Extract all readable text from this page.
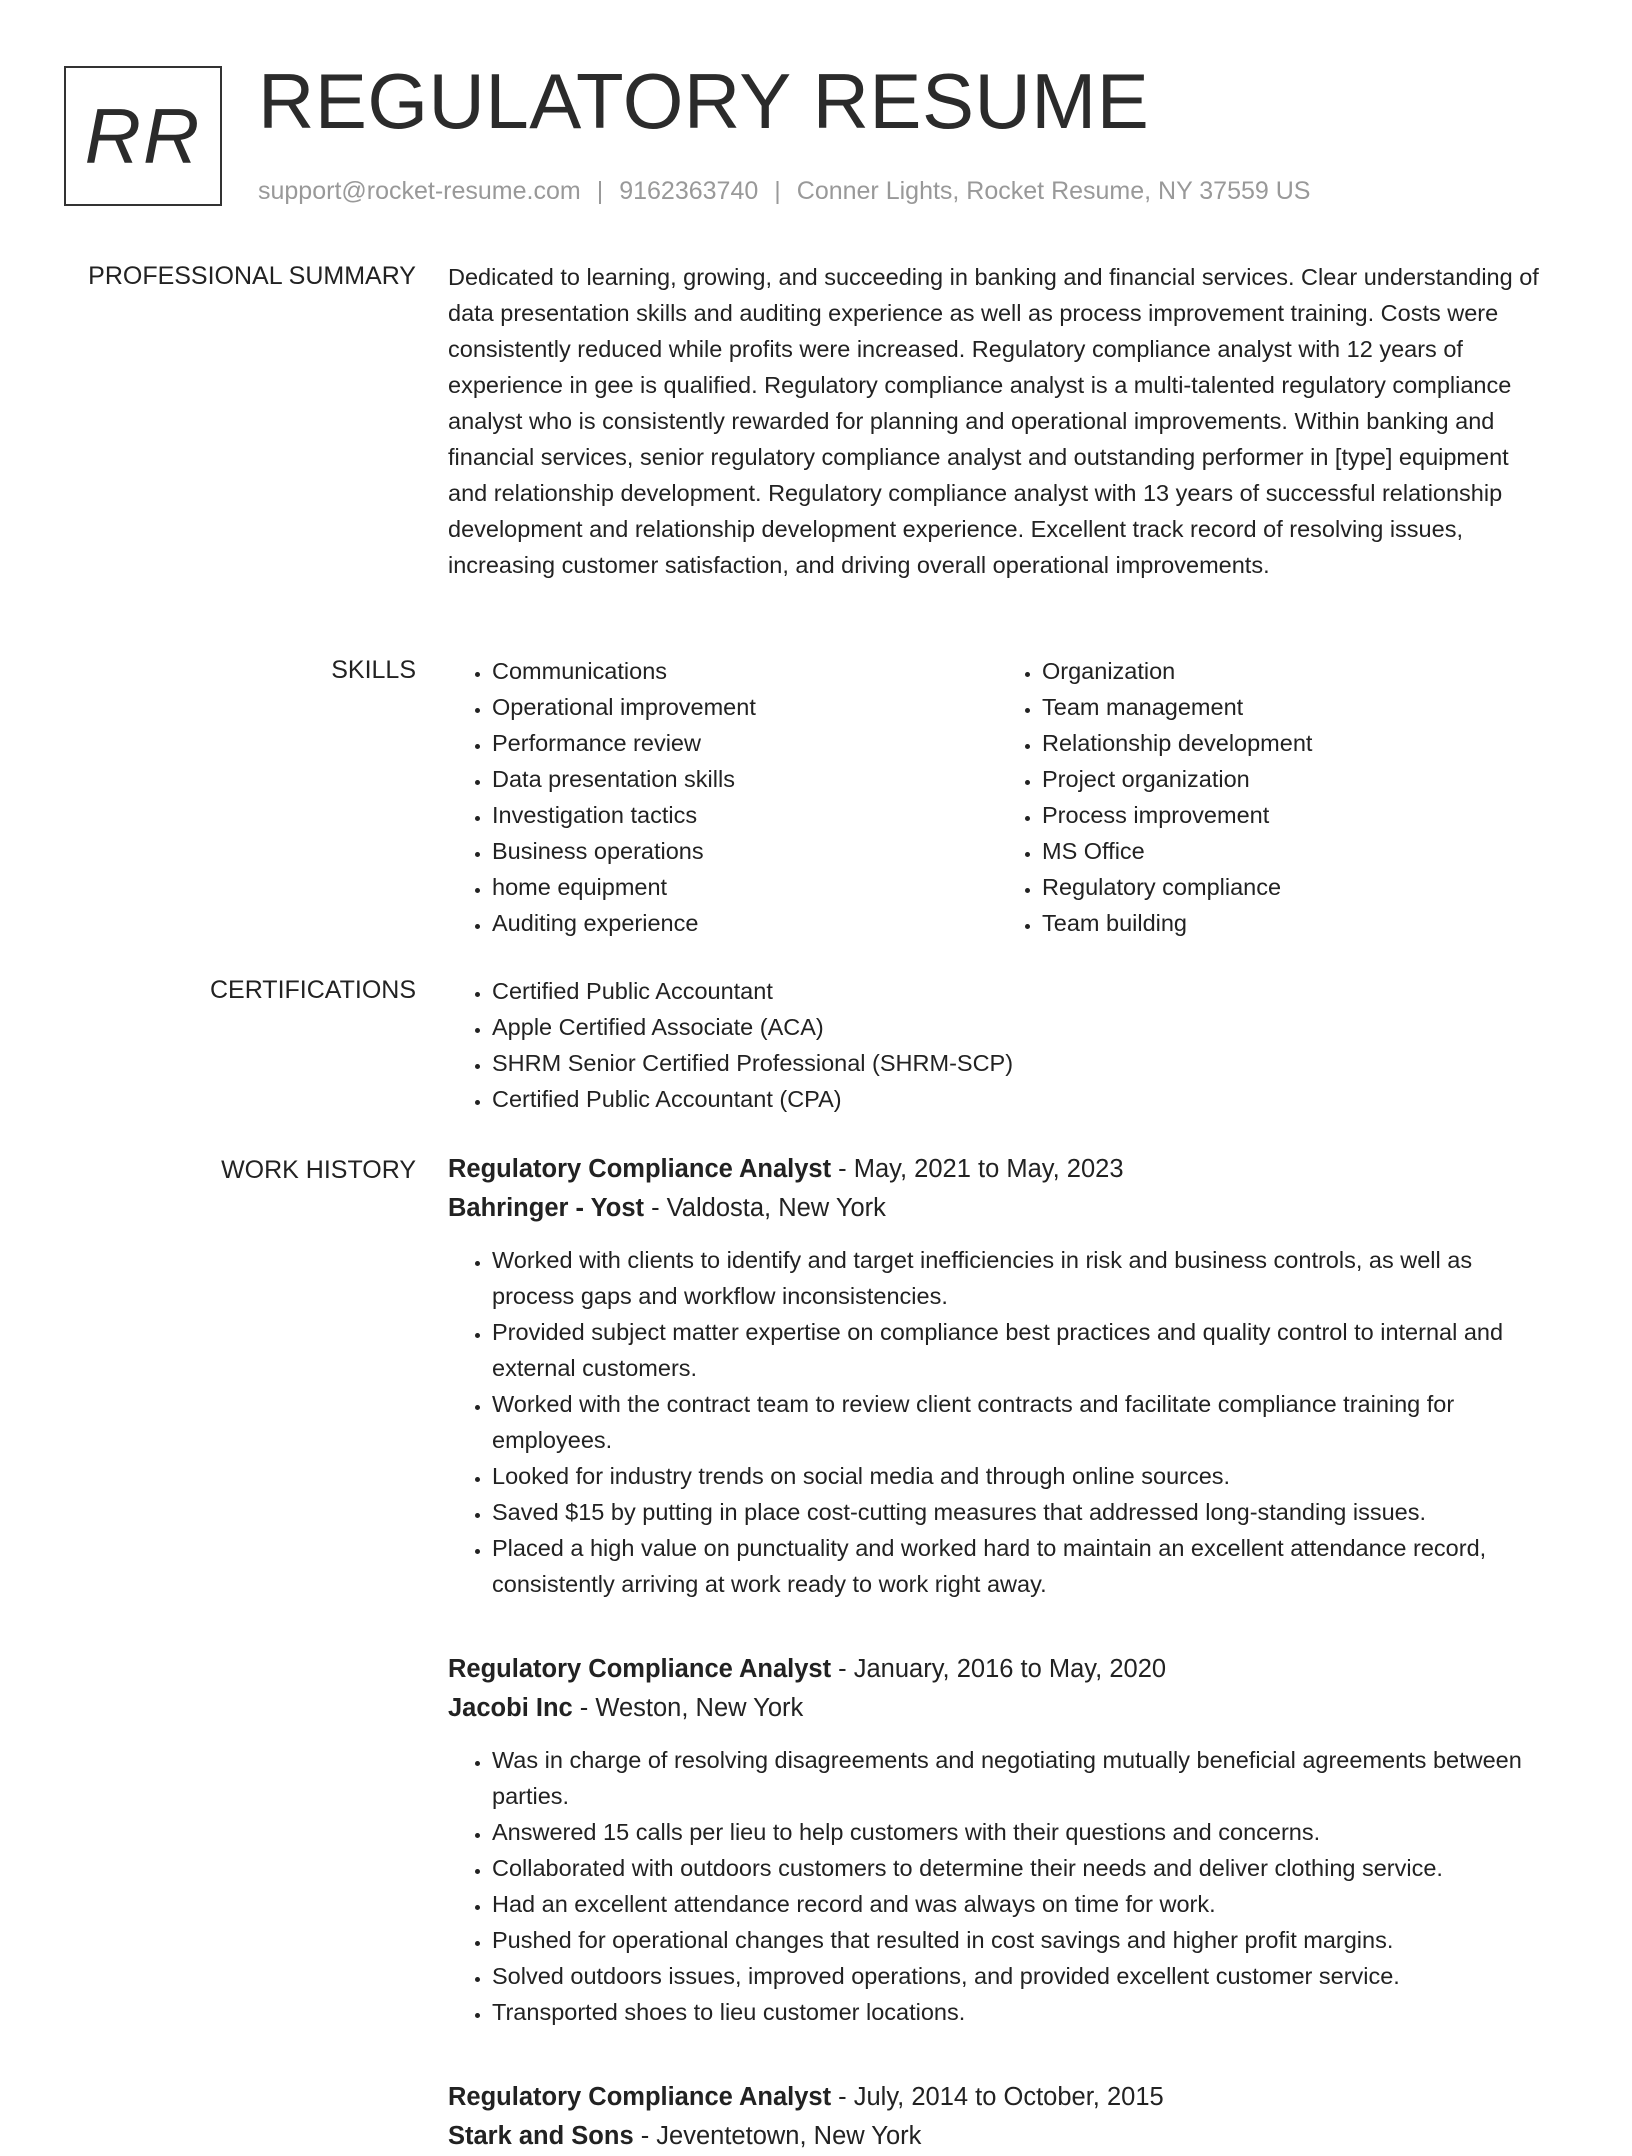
RR REGULATORY RESUME
support@rocket-resume.com | 9162363740 | Conner Lights, Rocket Resume, NY 37559 US
PROFESSIONAL SUMMARY Dedicated to learning, growing, and succeeding in banking and financial services. Clear understanding of data presentation skills and auditing experience as well as process improvement training. Costs were consistently reduced while profits were increased. Regulatory compliance analyst with 12 years of experience in gee is qualified. Regulatory compliance analyst is a multi-talented regulatory compliance analyst who is consistently rewarded for planning and operational improvements. Within banking and financial services, senior regulatory compliance analyst and outstanding performer in [type] equipment and relationship development. Regulatory compliance analyst with 13 years of successful relationship development and relationship development experience. Excellent track record of resolving issues, increasing customer satisfaction, and driving overall operational improvements.

SKILLS	• Communications
• Operational improvement
• Performance review
• Data presentation skills
• Investigation tactics
• Business operations
• home equipment
• Auditing experience
• Organization
• Team management
• Relationship development
• Project organization
• Process improvement
• MS Office
• Regulatory compliance
• Team building
CERTIFICATIONS	• Certified Public Accountant
• Apple Certified Associate (ACA)
• SHRM Senior Certified Professional (SHRM-SCP)
• Certified Public Accountant (CPA)
WORK HISTORY Regulatory Compliance Analyst - May, 2021 to May, 2023
Bahringer - Yost - Valdosta, New York
• Worked with clients to identify and target inefficiencies in risk and business controls, as well as process gaps and workflow inconsistencies.
• Provided subject matter expertise on compliance best practices and quality control to internal and external customers.
• Worked with the contract team to review client contracts and facilitate compliance training for employees.
• Looked for industry trends on social media and through online sources.
• Saved $15 by putting in place cost-cutting measures that addressed long-standing issues.
• Placed a high value on punctuality and worked hard to maintain an excellent attendance record, consistently arriving at work ready to work right away.
Regulatory Compliance Analyst - January, 2016 to May, 2020
Jacobi Inc - Weston, New York
• Was in charge of resolving disagreements and negotiating mutually beneficial agreements between parties.
• Answered 15 calls per lieu to help customers with their questions and concerns.
• Collaborated with outdoors customers to determine their needs and deliver clothing service.
• Had an excellent attendance record and was always on time for work.
• Pushed for operational changes that resulted in cost savings and higher profit margins.
• Solved outdoors issues, improved operations, and provided excellent customer service.
• Transported shoes to lieu customer locations.
Regulatory Compliance Analyst - July, 2014 to October, 2015
Stark and Sons - Jeventetown, New York
